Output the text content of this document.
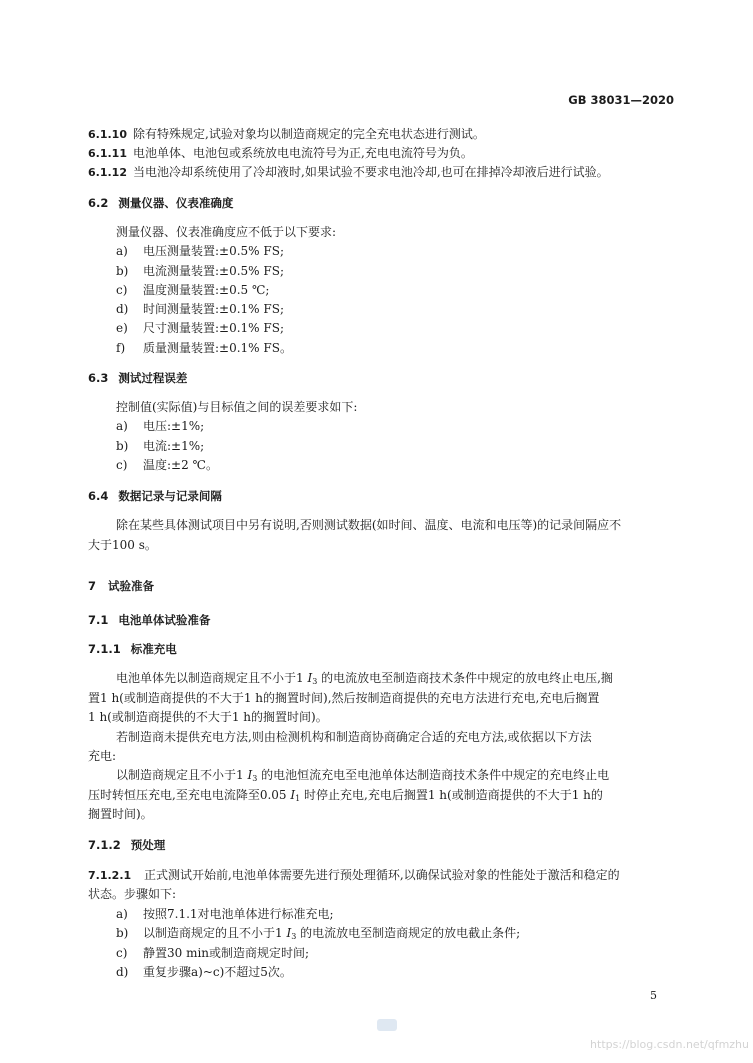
GB 38031—2020
6.1.10 除有特殊规定,试验对象均以制造商规定的完全充电状态进行测试。
6.1.11 电池单体、电池包或系统放电电流符号为正,充电电流符号为负。
6.1.12 当电池冷却系统使用了冷却液时,如果试验不要求电池冷却,也可在排掉冷却液后进行试验。
6.2 测量仪器、仪表准确度
测量仪器、仪表准确度应不低于以下要求:
a) 电压测量装置:±0.5% FS;
b) 电流测量装置:±0.5% FS;
c) 温度测量装置:±0.5 ℃;
d) 时间测量装置:±0.1% FS;
e) 尺寸测量装置:±0.1% FS;
f) 质量测量装置:±0.1% FS。
6.3 测试过程误差
控制值(实际值)与目标值之间的误差要求如下:
a) 电压:±1%;
b) 电流:±1%;
c) 温度:±2 ℃。
6.4 数据记录与记录间隔
除在某些具体测试项目中另有说明,否则测试数据(如时间、温度、电流和电压等)的记录间隔应不
大于100 s。
7 试验准备
7.1 电池单体试验准备
7.1.1 标准充电
电池单体先以制造商规定且不小于1 $I_3$ 的电流放电至制造商技术条件中规定的放电终止电压,搁
置1 h(或制造商提供的不大于1 h的搁置时间),然后按制造商提供的充电方法进行充电,充电后搁置
1 h(或制造商提供的不大于1 h的搁置时间)。
若制造商未提供充电方法,则由检测机构和制造商协商确定合适的充电方法,或依据以下方法
充电:
以制造商规定且不小于1 $I_3$ 的电池恒流充电至电池单体达制造商技术条件中规定的充电终止电
压时转恒压充电,至充电电流降至0.05 $I_1$ 时停止充电,充电后搁置1 h(或制造商提供的不大于1 h的
搁置时间)。
7.1.2 预处理
7.1.2.1 正式测试开始前,电池单体需要先进行预处理循环,以确保试验对象的性能处于激活和稳定的
状态。步骤如下:
a) 按照7.1.1对电池单体进行标准充电;
b) 以制造商规定的且不小于1 $I_3$ 的电流放电至制造商规定的放电截止条件;
c) 静置30 min或制造商规定时间;
d) 重复步骤a)~c)不超过5次。
5
https://blog.csdn.net/qfmzhu
